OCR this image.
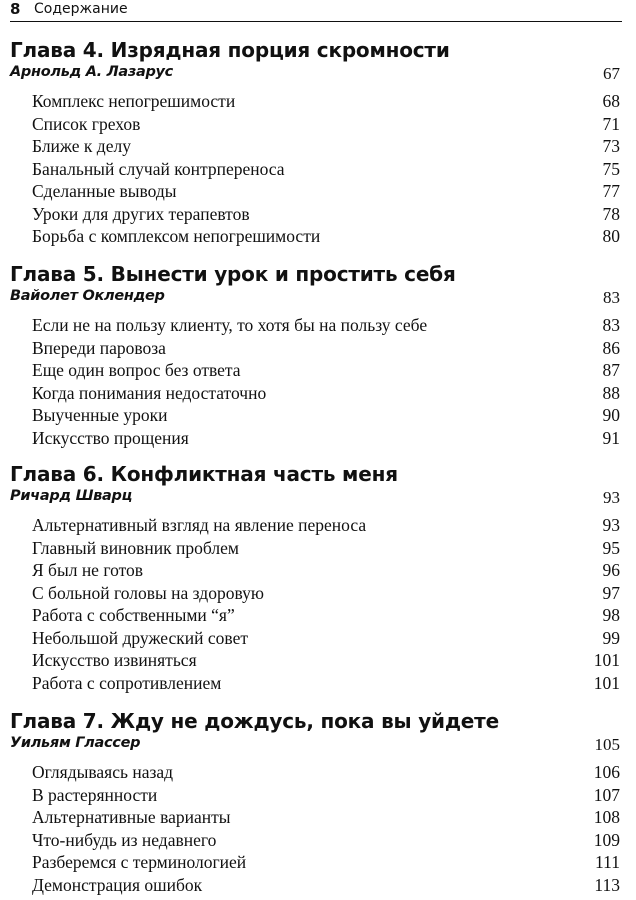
8 Содержание
Глава 4. Изрядная порция скромности
Арнольд А. Лазарус	67
Комплекс непогрешимости	68
Список грехов	71
Ближе к делу	73
Банальный случай контрпереноса	75
Сделанные выводы	77
Уроки для других терапевтов	78
Борьба с комплексом непогрешимости	80
Глава 5. Вынести урок и простить себя
Вайолет Оклендер	83
Если не на пользу клиенту, то хотя бы на пользу себе	83
Впереди паровоза	86
Еще один вопрос без ответа	87
Когда понимания недостаточно	88
Выученные уроки	90
Искусство прощения	91
Глава 6. Конфликтная часть меня
Ричард Шварц	93
Альтернативный взгляд на явление переноса	93
Главный виновник проблем	95
Я был не готов	96
С больной головы на здоровую	97
Работа с собственными “я”	98
Небольшой дружеский совет	99
Искусство извиняться	101
Работа с сопротивлением	101
Глава 7. Жду не дождусь, пока вы уйдете
Уильям Глассер	105
Оглядываясь назад	106
В растерянности	107
Альтернативные варианты	108
Что-нибудь из недавнего	109
Разберемся с терминологией	111
Демонстрация ошибок	113
